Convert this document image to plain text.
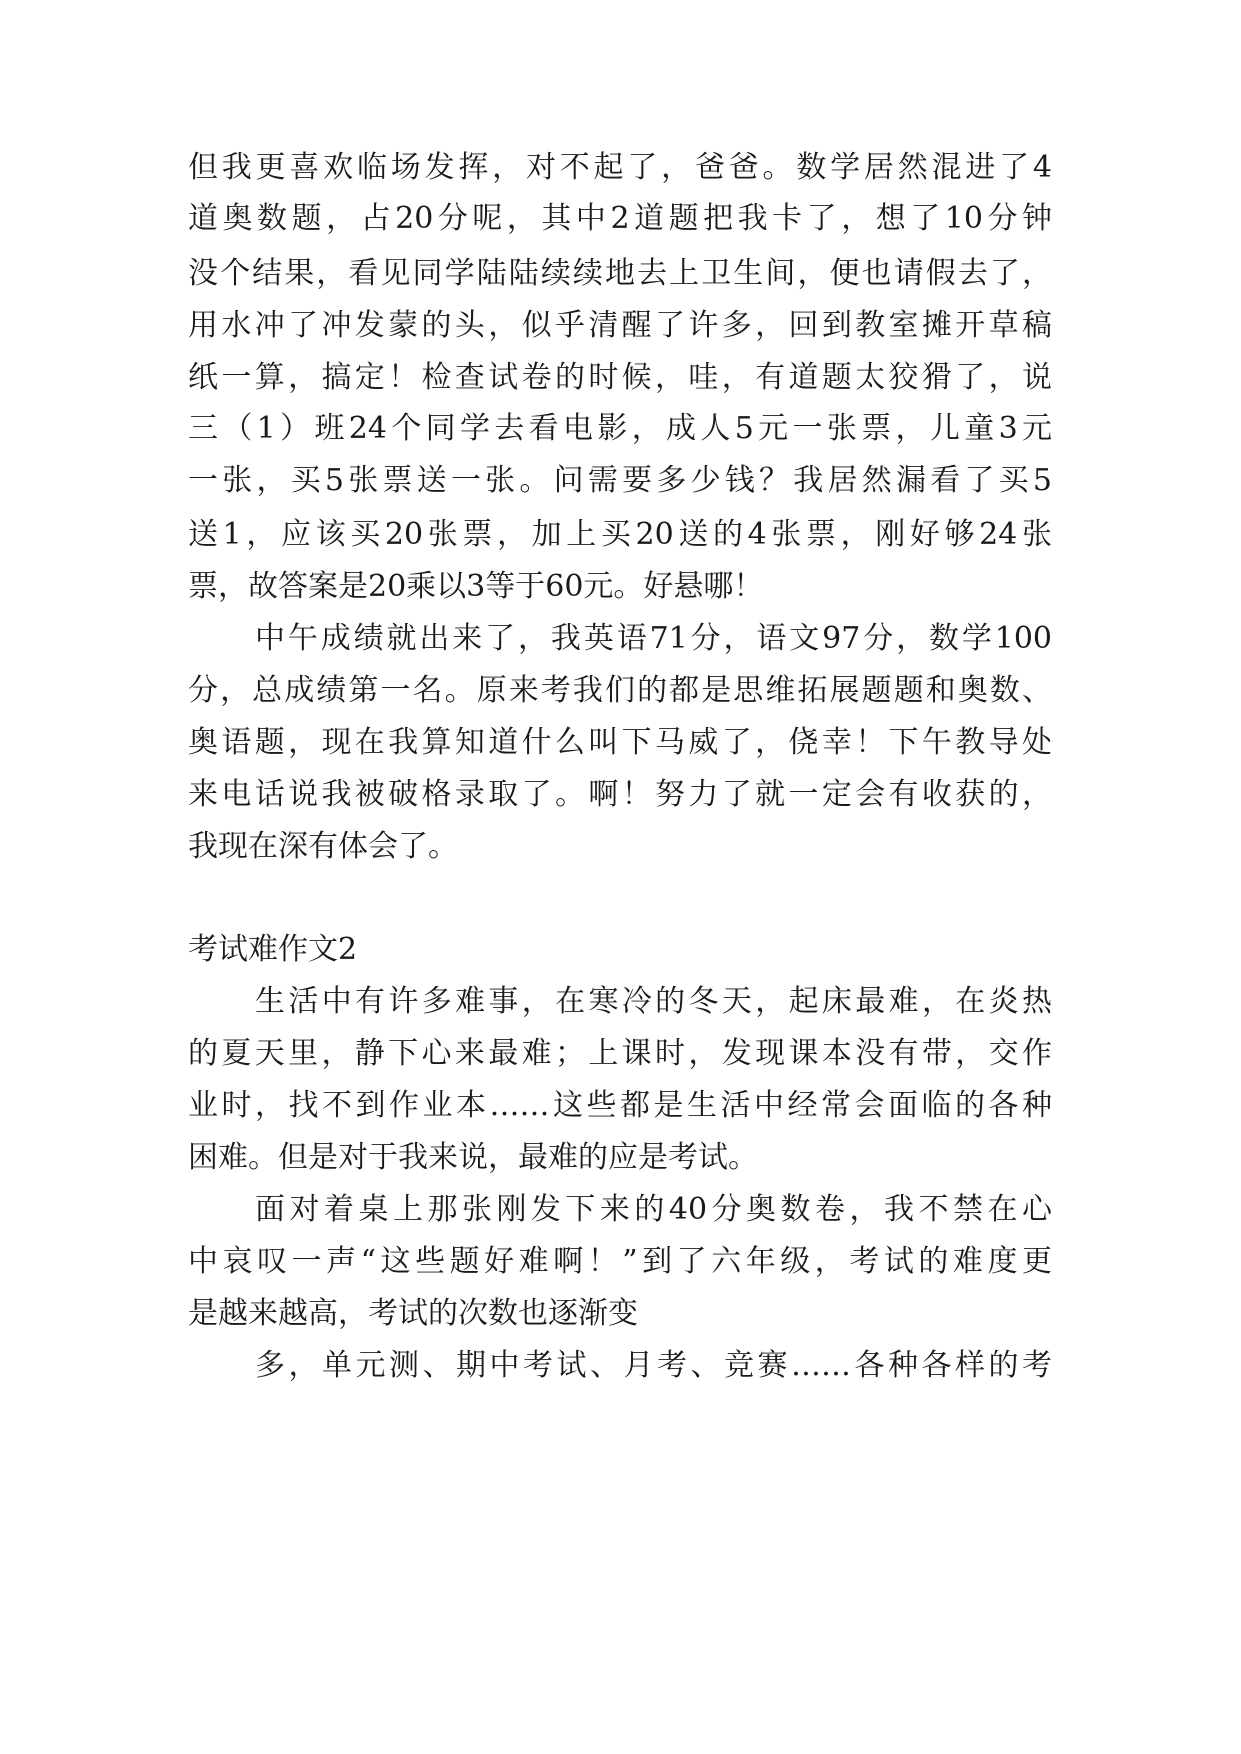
但我更喜欢临场发挥，对不起了，爸爸。数学居然混进了4
道奥数题，占20分呢，其中2道题把我卡了，想了10分钟
没个结果，看见同学陆陆续续地去上卫生间，便也请假去了，
用水冲了冲发蒙的头，似乎清醒了许多，回到教室摊开草稿
纸一算，搞定！检查试卷的时候，哇，有道题太狡猾了，说
三（1）班24个同学去看电影，成人5元一张票，儿童3元
一张，买5张票送一张。问需要多少钱？我居然漏看了买5
送1，应该买20张票，加上买20送的4张票，刚好够24张
票，故答案是20乘以3等于60元。好悬哪！
中午成绩就出来了，我英语71分，语文97分，数学100
分，总成绩第一名。原来考我们的都是思维拓展题题和奥数、
奥语题，现在我算知道什么叫下马威了，侥幸！下午教导处
来电话说我被破格录取了。啊！努力了就一定会有收获的，
我现在深有体会了。
考试难作文2
生活中有许多难事，在寒冷的冬天，起床最难，在炎热
的夏天里，静下心来最难；上课时，发现课本没有带，交作
业时，找不到作业本……这些都是生活中经常会面临的各种
困难。但是对于我来说，最难的应是考试。
面对着桌上那张刚发下来的40分奥数卷，我不禁在心
中哀叹一声“这些题好难啊！”到了六年级，考试的难度更
是越来越高，考试的次数也逐渐变
多，单元测、期中考试、月考、竞赛……各种各样的考
